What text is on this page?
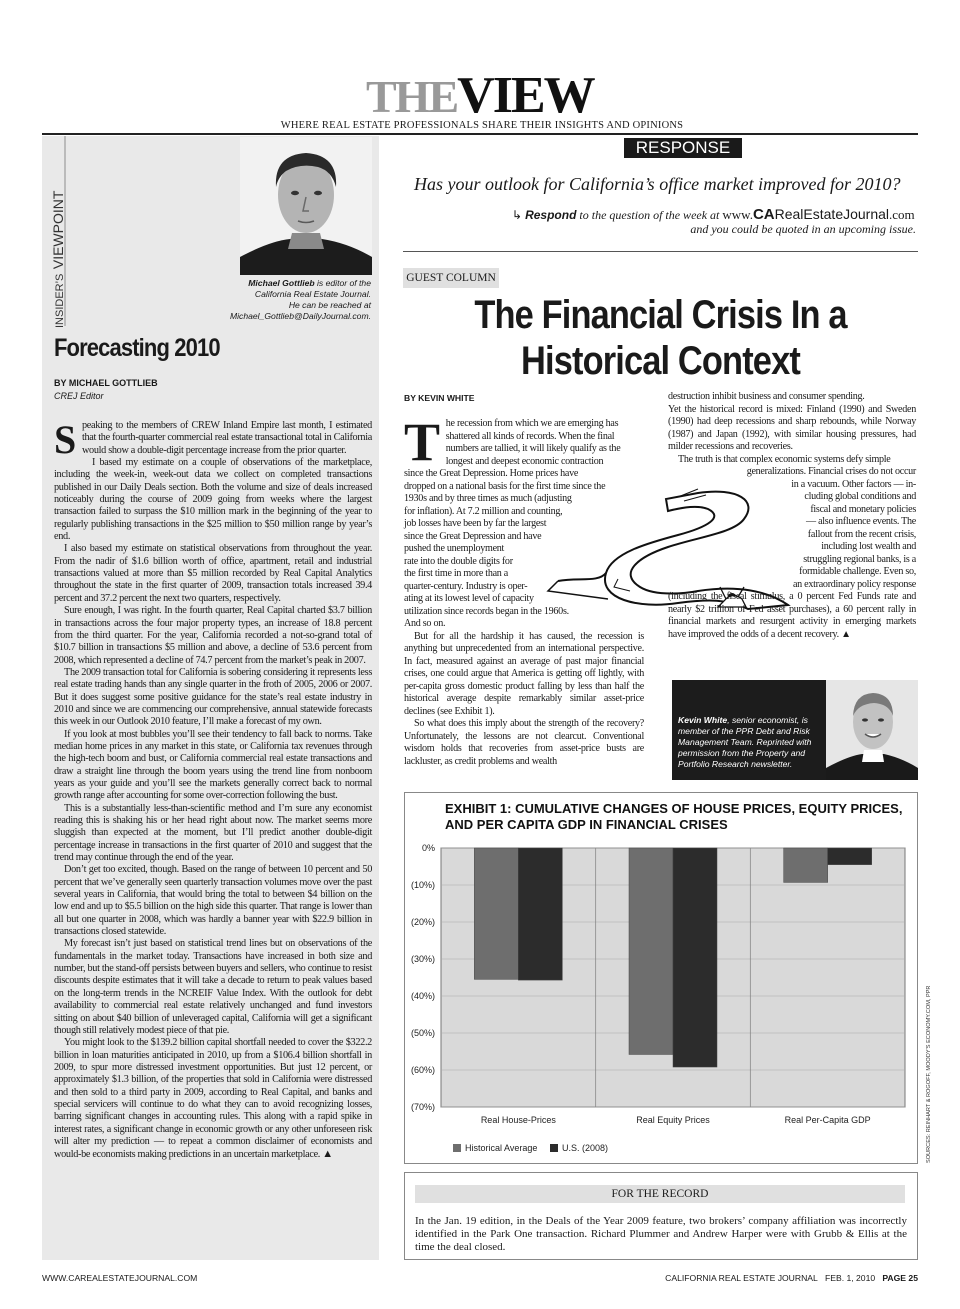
THEVIEW
WHERE REAL ESTATE PROFESSIONALS SHARE THEIR INSIGHTS AND OPINIONS
INSIDER’S VIEWPOINT
Michael Gottlieb is editor of the
California Real Estate Journal.
He can be reached at
Michael_Gottlieb@DailyJournal.com.
Forecasting 2010
BY MICHAEL GOTTLIEB
CREJ Editor

Speaking to the members of CREW Inland Empire last month, I estimated that the fourth-quarter commercial real estate transactional total in California would show a double-digit percentage increase from the prior quarter.

I based my estimate on a couple of observations of the marketplace, including the week-in, week-out data we collect on completed transactions published in our Daily Deals section. Both the volume and size of deals increased noticeably during the course of 2009 going from weeks where the largest transaction failed to surpass the $10 million mark in the beginning of the year to regularly publishing transactions in the $25 million to $50 million range by year’s end.

I also based my estimate on statistical observations from throughout the year. From the nadir of $1.6 billion worth of office, apartment, retail and industrial transactions valued at more than $5 million recorded by Real Capital Analytics throughout the state in the first quarter of 2009, transaction totals increased 39.4 percent and 37.2 percent the next two quarters, respectively.

Sure enough, I was right. In the fourth quarter, Real Capital charted $3.7 billion in transactions across the four major property types, an increase of 18.8 percent from the third quarter. For the year, California recorded a not-so-grand total of $10.7 billion in transactions $5 million and above, a decline of 53.6 percent from 2008, which represented a decline of 74.7 percent from the market’s peak in 2007.

The 2009 transaction total for California is sobering considering it represents less real estate trading hands than any single quarter in the froth of 2005, 2006 or 2007. But it does suggest some positive guidance for the state’s real estate industry in 2010 and since we are commencing our comprehensive, annual statewide forecasts this week in our Outlook 2010 feature, I’ll make a forecast of my own.

If you look at most bubbles you’ll see their tendency to fall back to norms. Take median home prices in any market in this state, or California tax revenues through the high-tech boom and bust, or California commercial real estate transactions and draw a straight line through the boom years using the trend line from nonboom years as your guide and you’ll see the markets generally correct back to normal growth range after accounting for some over-correction following the bust.

This is a substantially less-than-scientific method and I’m sure any economist reading this is shaking his or her head right about now. The market seems more sluggish than expected at the moment, but I’ll predict another double-digit percentage increase in transactions in the first quarter of 2010 and suggest that the trend may continue through the end of the year.

Don’t get too excited, though. Based on the range of between 10 percent and 50 percent that we’ve generally seen quarterly transaction volumes move over the past several years in California, that would bring the total to between $4 billion on the low end and up to $5.5 billion on the high side this quarter. That range is lower than all but one quarter in 2008, which was hardly a banner year with $22.9 billion in transactions closed statewide.

My forecast isn’t just based on statistical trend lines but on observations of the fundamentals in the market today. Transactions have increased in both size and number, but the stand-off persists between buyers and sellers, who continue to resist discounts despite estimates that it will take a decade to return to peak values based on the long-term trends in the NCREIF Value Index. With the outlook for debt availability to commercial real estate relatively unchanged and fund investors sitting on about $40 billion of unleveraged capital, California will get a significant though still relatively modest piece of that pie.

You might look to the $139.2 billion capital shortfall needed to cover the $322.2 billion in loan maturities anticipated in 2010, up from a $106.4 billion shortfall in 2009, to spur more distressed investment opportunities. But just 12 percent, or approximately $1.3 billion, of the properties that sold in California were distressed and then sold to a third party in 2009, according to Real Capital, and banks and special servicers will continue to do what they can to avoid recognizing losses, barring significant changes in accounting rules. This along with a rapid spike in interest rates, a significant change in economic growth or any other unforeseen risk will alter my prediction — to repeat a common disclaimer of economists and would-be economists making predictions in an uncertain marketplace. ▲

RESPONSE
Has your outlook for California’s office market improved for 2010?
↳ Respond to the question of the week at www.CARealEstateJournal.com
and you could be quoted in an upcoming issue.
GUEST COLUMN
The Financial Crisis In a
Historical Context
BY KEVIN WHITE
T he recession from which we are emerging has
shattered all kinds of records. When the final
numbers are tallied, it will likely qualify as the
longest and deepest economic contraction
since the Great Depression. Home prices have
dropped on a national basis for the first time since the
1930s and by three times as much (adjusting
for inflation). At 7.2 million and counting,
job losses have been by far the largest
since the Great Depression and have
pushed the unemployment
rate into the double digits for
the first time in more than a
quarter-century. Industry is oper-
ating at its lowest level of capacity
utilization since records began in the 1960s.
And so on.

But for all the hardship it has caused, the recession is anything but unprecedented from an international perspective. In fact, measured against an average of past major financial crises, one could argue that America is getting off lightly, with per-capita gross domestic product falling by less than half the historical average despite remarkably similar asset-price declines (see Exhibit 1).

So what does this imply about the strength of the recovery? Unfortunately, the lessons are not clearcut. Conventional wisdom holds that recoveries from asset-price busts are lackluster, as credit problems and wealth

destruction inhibit business and consumer spending.
Yet the historical record is mixed: Finland (1990) and Sweden (1990) had deep recessions and sharp rebounds, while Norway (1987) and Japan (1992), with similar housing pressures, had milder recessions and recoveries.
The truth is that complex economic systems defy simple
generalizations. Financial crises do not occur
in a vacuum. Other factors — in-
cluding global conditions and
fiscal and monetary policies
— also influence events. The
fallout from the recent crisis,
including lost wealth and
struggling regional banks, is a
formidable challenge. Even so,
an extraordinary policy response
(including the fiscal stimulus, a 0 percent Fed Funds rate and nearly $2 trillion of Fed asset purchases), a 60 percent rally in financial markets and resurgent activity in emerging markets have improved the odds of a decent recovery. ▲
Kevin White, senior economist, is member of the PPR Debt and Risk Management Team. Reprinted with permission from the Property and Portfolio Research newsletter.
EXHIBIT 1: CUMULATIVE CHANGES OF HOUSE PRICES, EQUITY PRICES,
AND PER CAPITA GDP IN FINANCIAL CRISES
0%
(10%)
(20%)
(30%)
(40%)
(50%)
(60%)
(70%)
Real House-Prices	Real Equity Prices	Real Per-Capita GDP
Historical Average	U.S. (2008)	SOURCES: REINHART & ROGOFF, MOODY’S ECONOMY.COM, PPR
FOR THE RECORD
In the Jan. 19 edition, in the Deals of the Year 2009 feature, two brokers’ company affiliation was incorrectly identified in the Park One transaction. Richard Plummer and Andrew Harper were with Grubb & Ellis at the time the deal closed.
WWW.CAREALESTATEJOURNAL.COM	CALIFORNIA REAL ESTATE JOURNAL FEB. 1, 2010 PAGE 25
